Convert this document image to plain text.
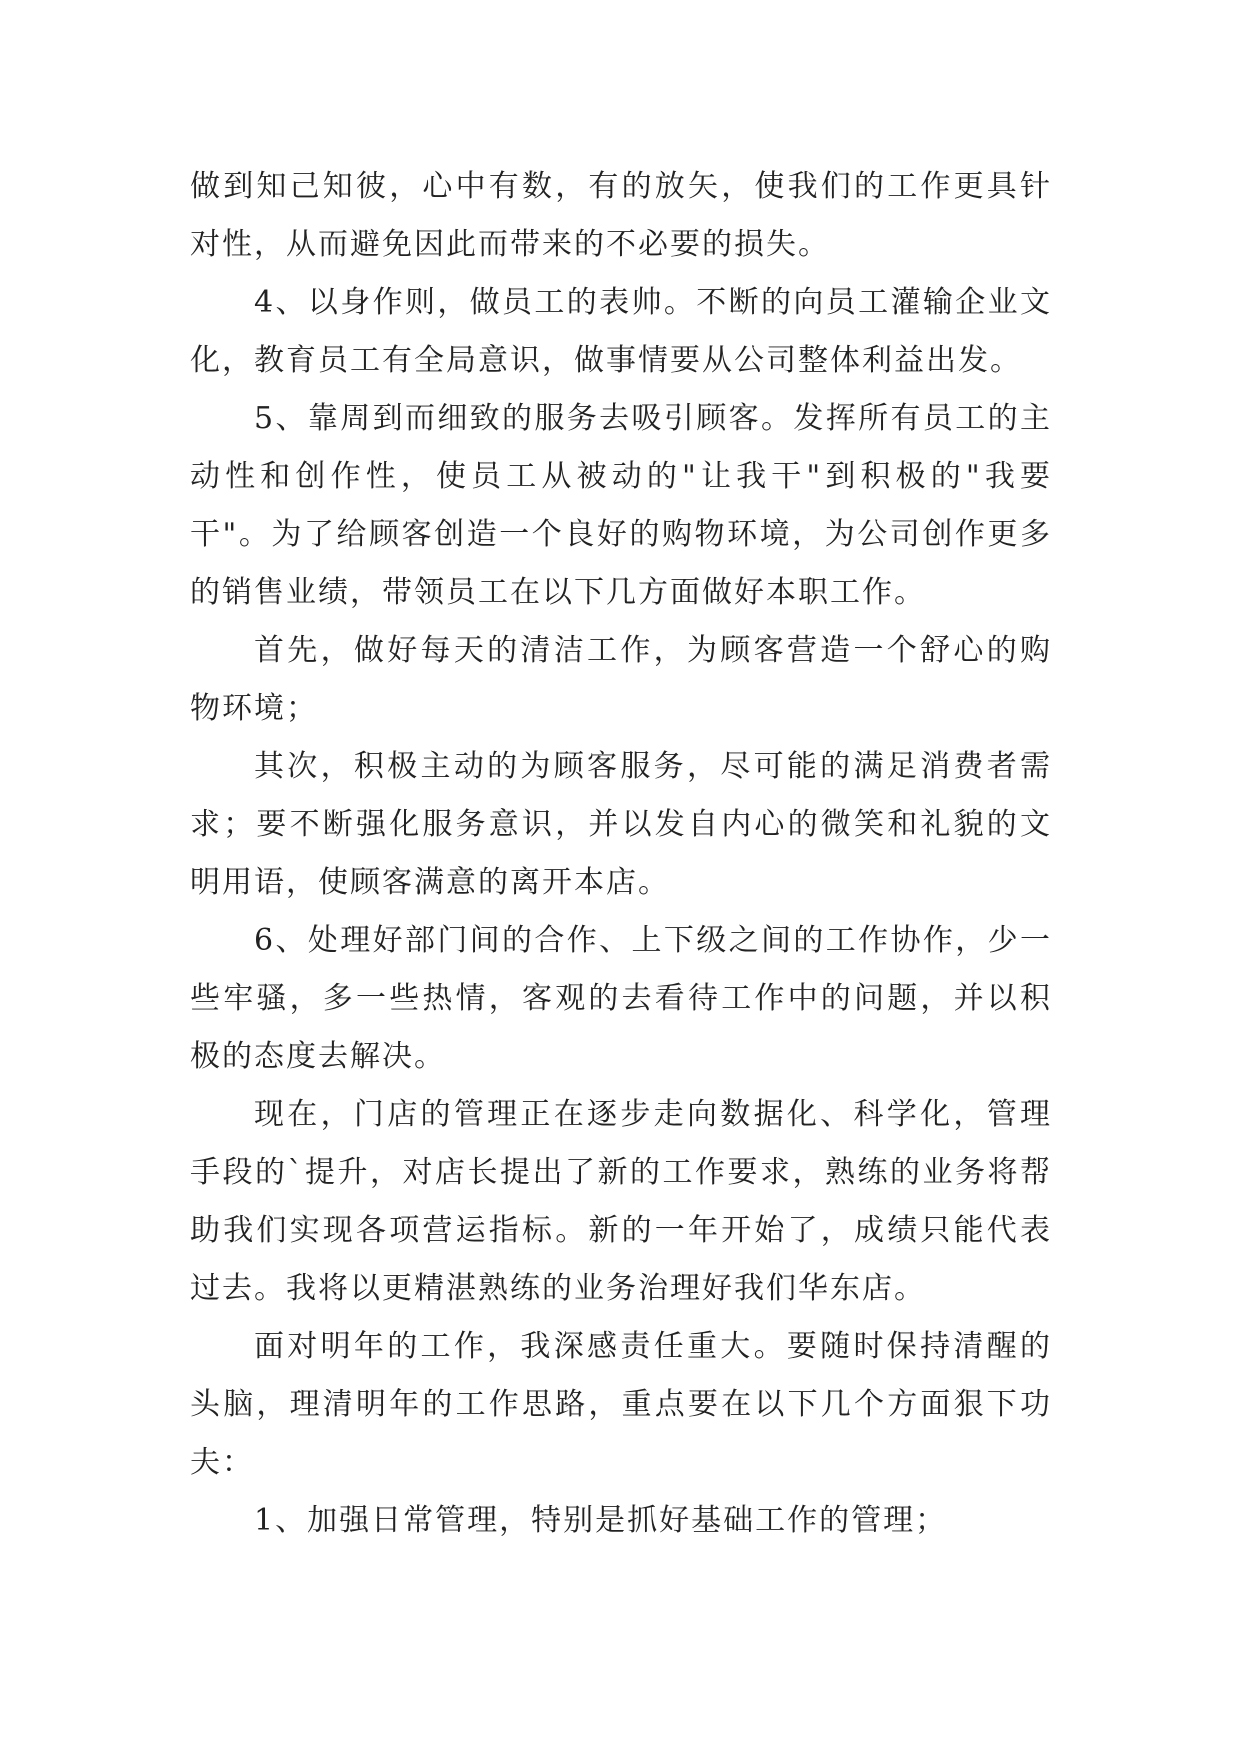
做到知己知彼，心中有数，有的放矢，使我们的工作更具针对性，从而避免因此而带来的不必要的损失。

4、以身作则，做员工的表帅。不断的向员工灌输企业文化，教育员工有全局意识，做事情要从公司整体利益出发。

5、靠周到而细致的服务去吸引顾客。发挥所有员工的主动性和创作性，使员工从被动的"让我干"到积极的"我要干"。为了给顾客创造一个良好的购物环境，为公司创作更多的销售业绩，带领员工在以下几方面做好本职工作。

首先，做好每天的清洁工作，为顾客营造一个舒心的购物环境；

其次，积极主动的为顾客服务，尽可能的满足消费者需求；要不断强化服务意识，并以发自内心的微笑和礼貌的文明用语，使顾客满意的离开本店。

6、处理好部门间的合作、上下级之间的工作协作，少一些牢骚，多一些热情，客观的去看待工作中的问题，并以积极的态度去解决。

现在，门店的管理正在逐步走向数据化、科学化，管理手段的`提升，对店长提出了新的工作要求，熟练的业务将帮助我们实现各项营运指标。新的一年开始了，成绩只能代表过去。我将以更精湛熟练的业务治理好我们华东店。

面对明年的工作，我深感责任重大。要随时保持清醒的头脑，理清明年的工作思路，重点要在以下几个方面狠下功夫：

1、加强日常管理，特别是抓好基础工作的管理；
